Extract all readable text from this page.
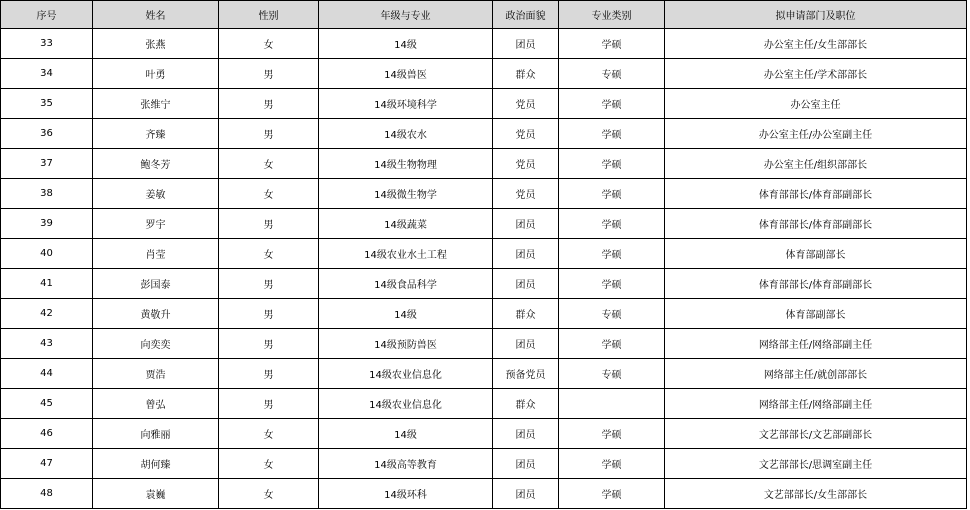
序号	姓名	性别	年级与专业	政治面貌	专业类别	拟申请部门及职位
33	张燕	女	14级	团员	学硕	办公室主任/女生部部长
34	叶勇	男	14级兽医	群众	专硕	办公室主任/学术部部长
35	张维宁	男	14级环境科学	党员	学硕	办公室主任
36	齐臻	男	14级农水	党员	学硕	办公室主任/办公室副主任
37	鲍冬芳	女	14级生物物理	党员	学硕	办公室主任/组织部部长
38	姜敏	女	14级微生物学	党员	学硕	体育部部长/体育部副部长
39	罗宇	男	14级蔬菜	团员	学硕	体育部部长/体育部副部长
40	肖莹	女	14级农业水土工程	团员	学硕	体育部副部长
41	彭国泰	男	14级食品科学	团员	学硕	体育部部长/体育部副部长
42	黄敬升	男	14级	群众	专硕	体育部副部长
43	向奕奕	男	14级预防兽医	团员	学硕	网络部主任/网络部副主任
44	贾浩	男	14级农业信息化	预备党员	专硕	网络部主任/就创部部长
45	曾弘	男	14级农业信息化	群众		网络部主任/网络部副主任
46	向雅丽	女	14级	团员	学硕	文艺部部长/文艺部副部长
47	胡何臻	女	14级高等教育	团员	学硕	文艺部部长/思调室副主任
48	袁巍	女	14级环科	团员	学硕	文艺部部长/女生部部长
